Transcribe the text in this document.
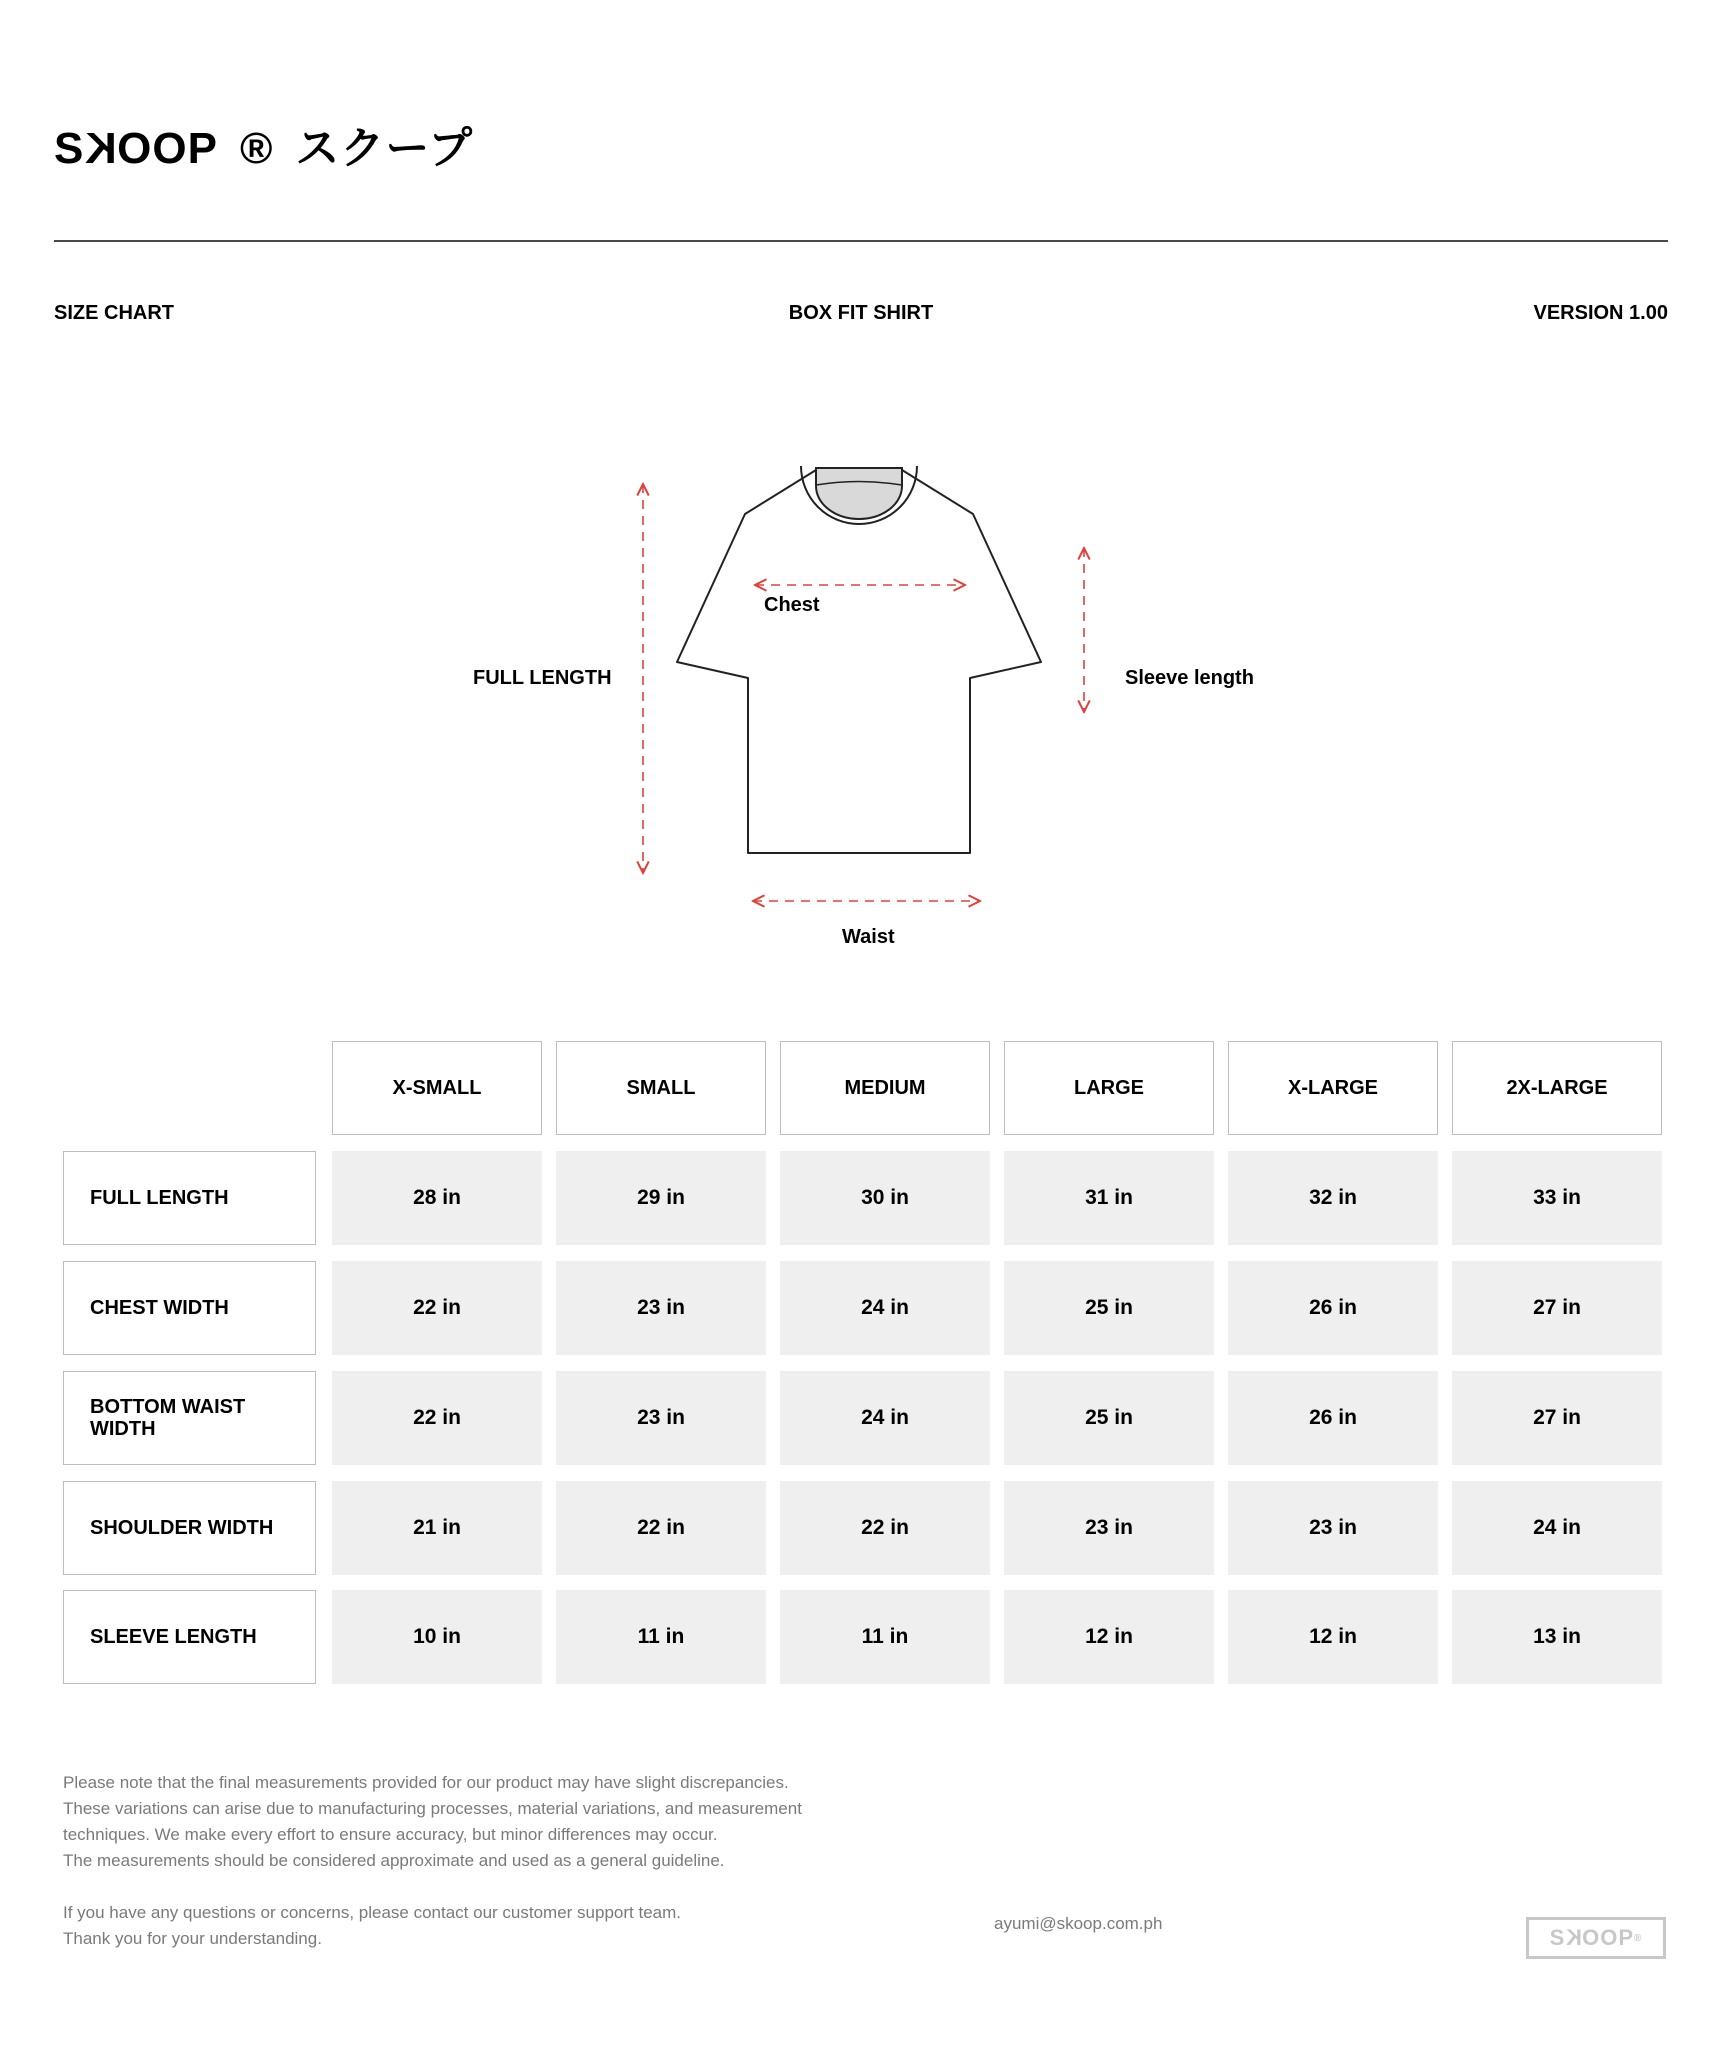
SKOOP ® スクープ
SIZE CHART	BOX FIT SHIRT	VERSION 1.00
FULL LENGTH
Chest
Sleeve length
Waist
X-SMALL	SMALL	MEDIUM	LARGE	X-LARGE	2X-LARGE
FULL LENGTH	28 in	29 in	30 in	31 in	32 in	33 in
CHEST WIDTH	22 in	23 in	24 in	25 in	26 in	27 in
BOTTOM WAIST WIDTH	22 in	23 in	24 in	25 in	26 in	27 in
SHOULDER WIDTH	21 in	22 in	22 in	23 in	23 in	24 in
SLEEVE LENGTH	10 in	11 in	11 in	12 in	12 in	13 in
Please note that the final measurements provided for our product may have slight discrepancies.
These variations can arise due to manufacturing processes, material variations, and measurement
techniques. We make every effort to ensure accuracy, but minor differences may occur.
The measurements should be considered approximate and used as a general guideline.
If you have any questions or concerns, please contact our customer support team.
Thank you for your understanding.
ayumi@skoop.com.ph
S K OOP ®
